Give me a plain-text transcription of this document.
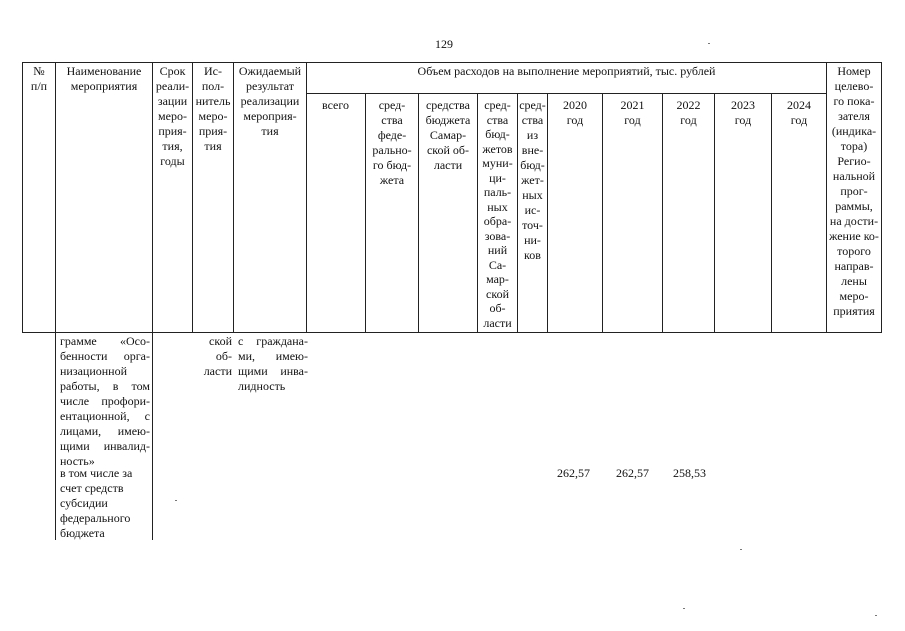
129
№
п/п
Наименование
мероприятия
Срок
реали-
зации
меро-
прия-
тия,
годы
Ис-
пол-
нитель
меро-
прия-
тия
Ожидаемый
результат
реализации
мероприя-
тия
Объем расходов на выполнение мероприятий, тыс. рублей
всего	сред-
ства
феде-
рально-
го бюд-
жета
средства
бюджета
Самар-
ской об-
ласти
сред-
ства
бюд-
жетов
муни-
ци-
паль-
ных
обра-
зова-
ний
Са-
мар-
ской
об-
ласти
сред-
ства
из
вне-
бюд-
жет-
ных
ис-
точ-
ни-
ков
2020
год
2021
год
2022
год
2023
год
2024
год
Номер
целево-
го пока-
зателя
(индика-
тора)
Регио-
нальной
прог-
раммы,
на дости-
жение ко-
торого
направ-
лены
меро-
приятия
грамме «Осо-
бенности орга-
низационной
работы, в том
числе профори-
ентационной, с
лицами, имею-
щими инвалид-
ность»
ской
об-
ласти
с граждана-
ми, имею-
щими инва-
лидность
в том числе за
счет средств
субсидии
федерального
бюджета
262,57 262,57 258,53
